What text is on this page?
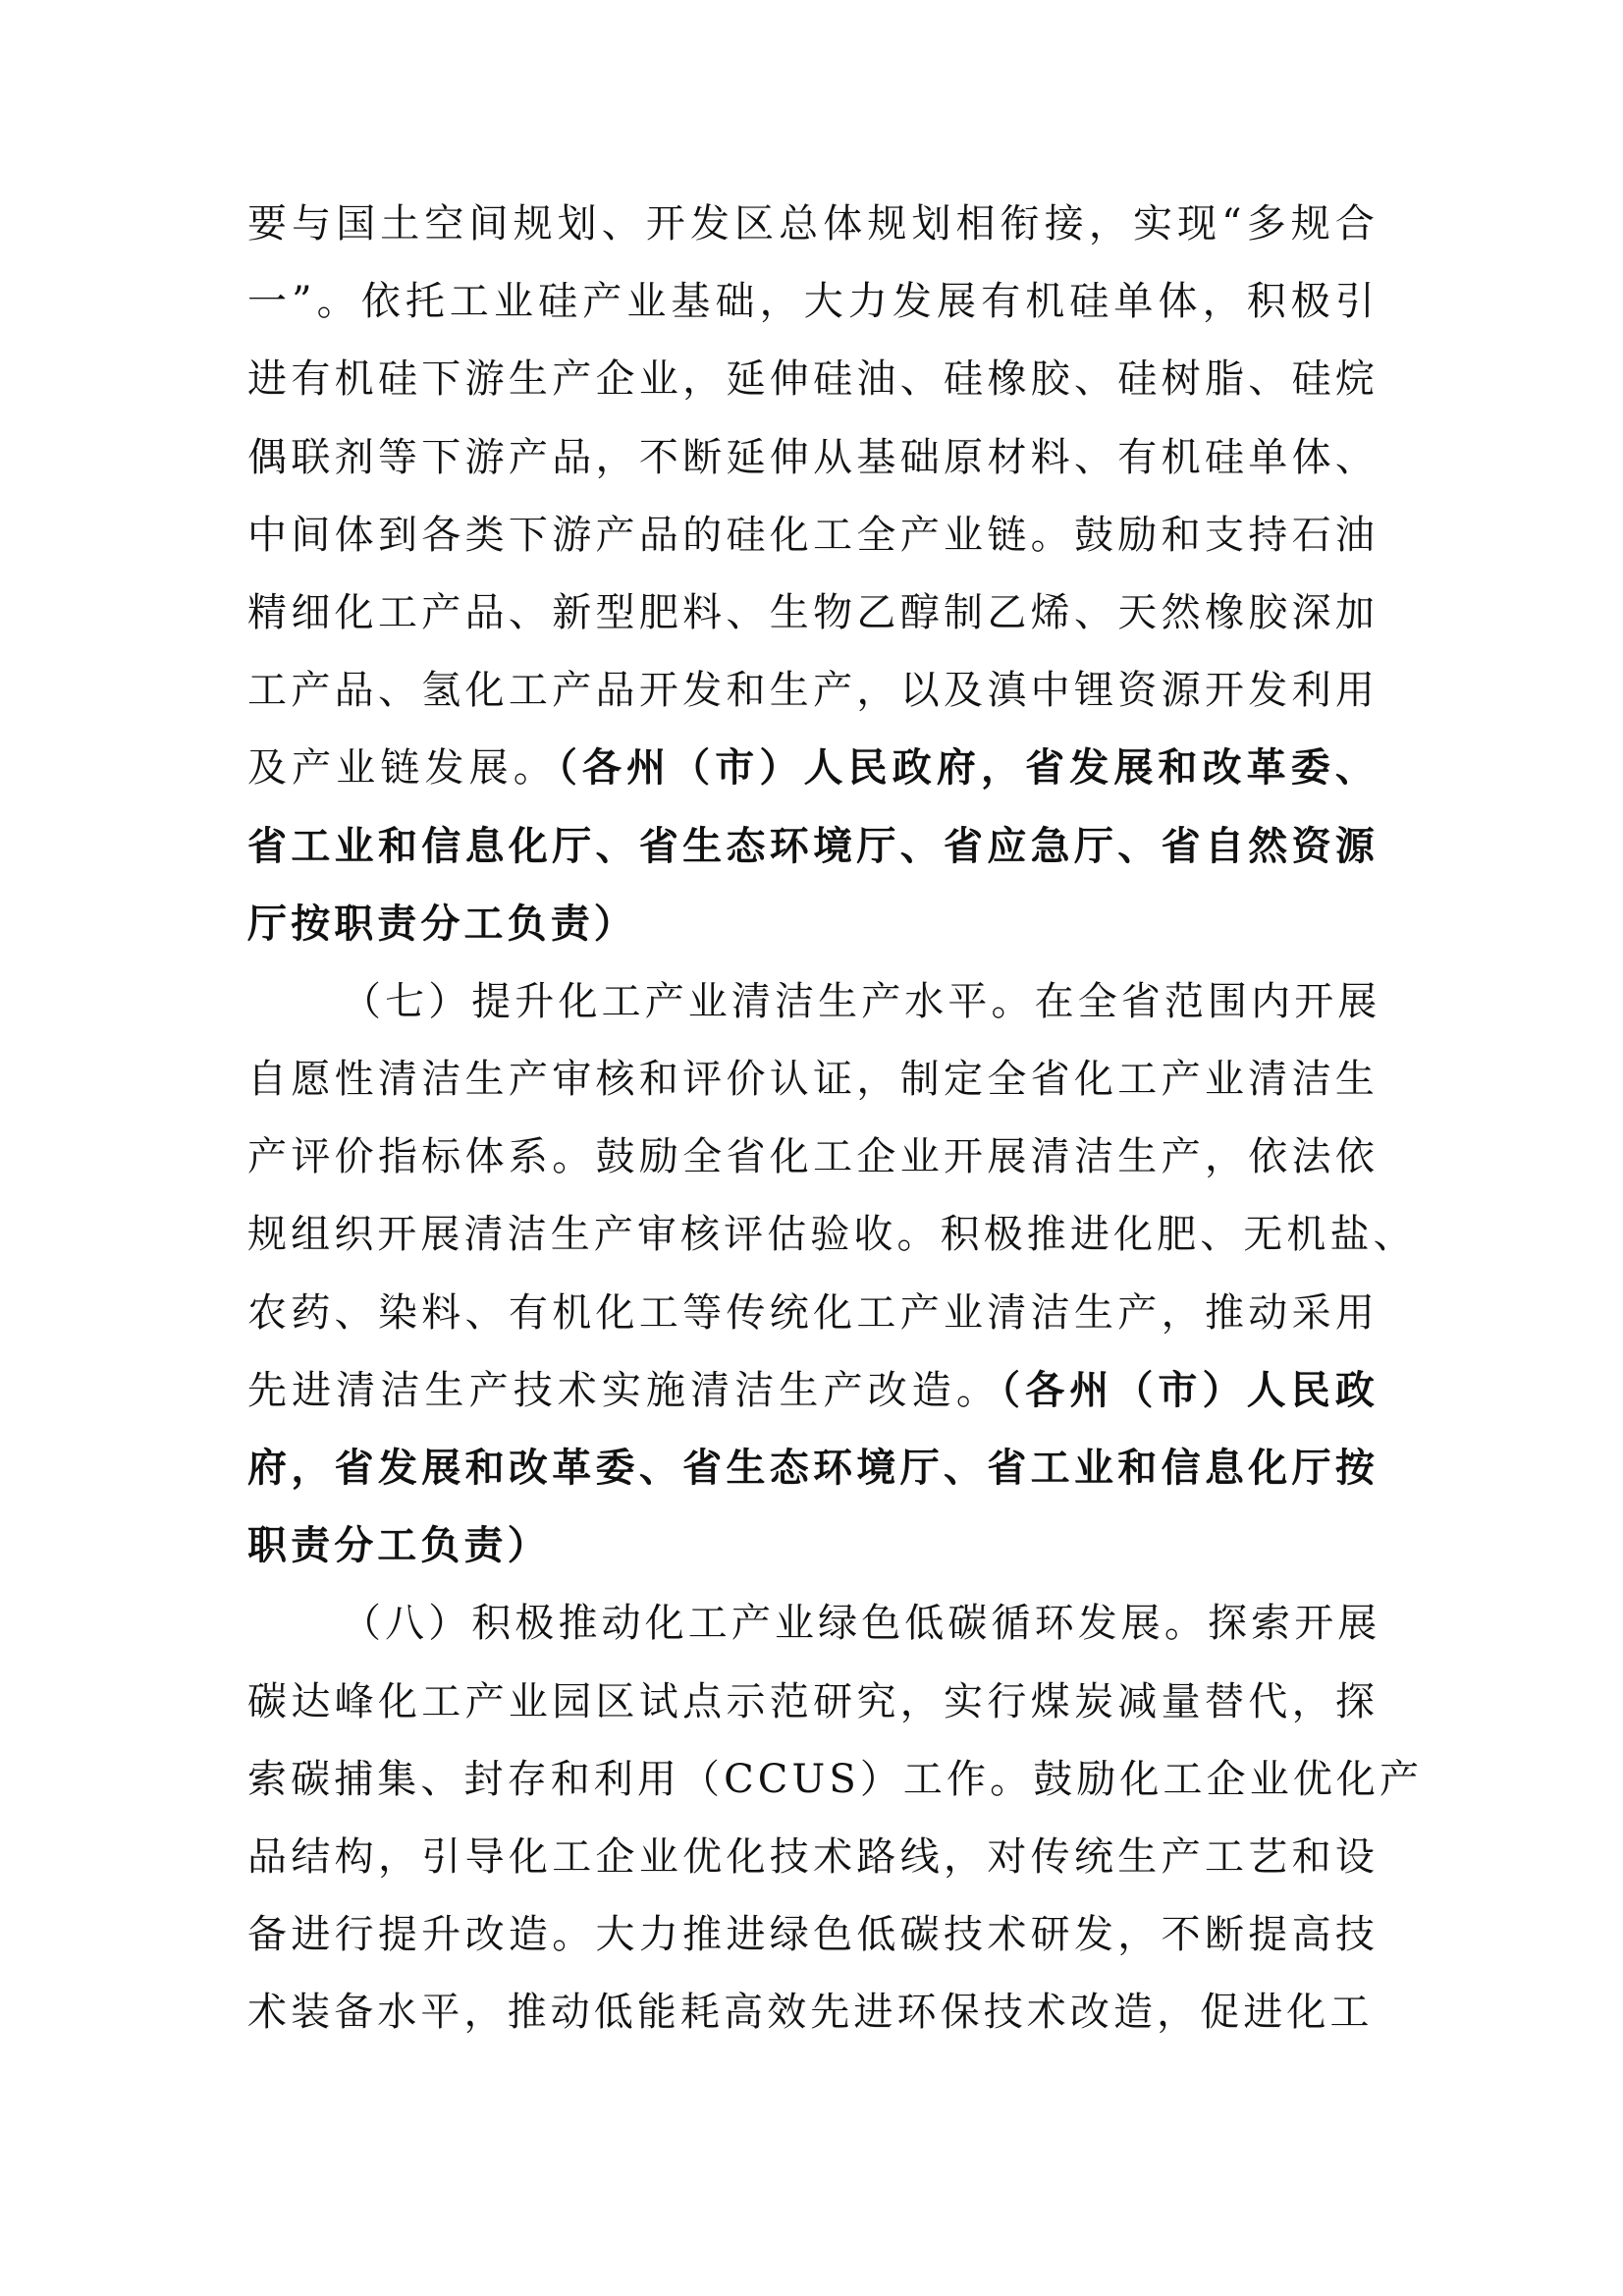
要与国土空间规划、开发区总体规划相衔接，实现“多规合
一”。依托工业硅产业基础，大力发展有机硅单体，积极引
进有机硅下游生产企业，延伸硅油、硅橡胶、硅树脂、硅烷
偶联剂等下游产品，不断延伸从基础原材料、有机硅单体、
中间体到各类下游产品的硅化工全产业链。鼓励和支持石油
精细化工产品、新型肥料、生物乙醇制乙烯、天然橡胶深加
工产品、氢化工产品开发和生产，以及滇中锂资源开发利用
及产业链发展。（各州（市）人民政府，省发展和改革委、
省工业和信息化厅、省生态环境厅、省应急厅、省自然资源
厅按职责分工负责）
（七）提升化工产业清洁生产水平。在全省范围内开展
自愿性清洁生产审核和评价认证，制定全省化工产业清洁生
产评价指标体系。鼓励全省化工企业开展清洁生产，依法依
规组织开展清洁生产审核评估验收。积极推进化肥、无机盐、
农药、染料、有机化工等传统化工产业清洁生产，推动采用
先进清洁生产技术实施清洁生产改造。（各州（市）人民政
府，省发展和改革委、省生态环境厅、省工业和信息化厅按
职责分工负责）
（八）积极推动化工产业绿色低碳循环发展。探索开展
碳达峰化工产业园区试点示范研究，实行煤炭减量替代，探
索碳捕集、封存和利用（CCUS）工作。鼓励化工企业优化产
品结构，引导化工企业优化技术路线，对传统生产工艺和设
备进行提升改造。大力推进绿色低碳技术研发，不断提高技
术装备水平，推动低能耗高效先进环保技术改造，促进化工
